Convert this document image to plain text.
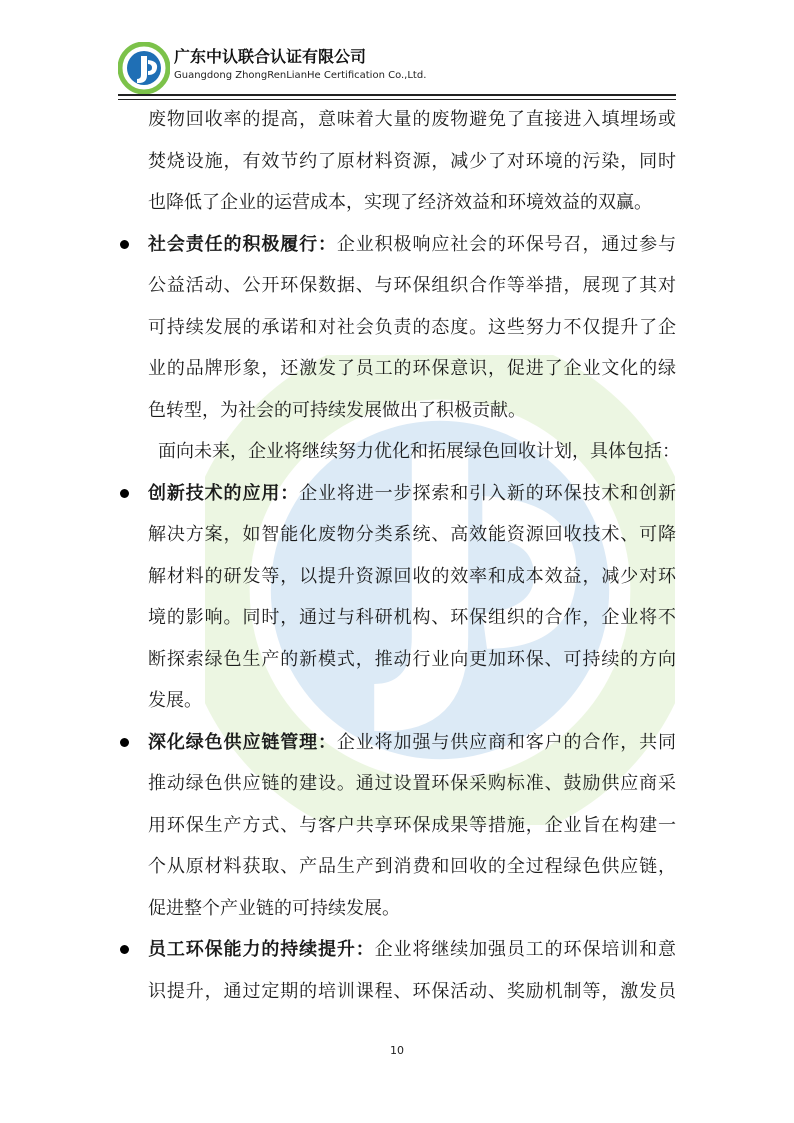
广东中认联合认证有限公司
Guangdong ZhongRenLianHe Certification Co.,Ltd.
废物回收率的提高，意味着大量的废物避免了直接进入填埋场或
焚烧设施，有效节约了原材料资源，减少了对环境的污染，同时
也降低了企业的运营成本，实现了经济效益和环境效益的双赢。
社会责任的积极履行：企业积极响应社会的环保号召，通过参与
公益活动、公开环保数据、与环保组织合作等举措，展现了其对
可持续发展的承诺和对社会负责的态度。这些努力不仅提升了企
业的品牌形象，还激发了员工的环保意识，促进了企业文化的绿
色转型，为社会的可持续发展做出了积极贡献。
面向未来，企业将继续努力优化和拓展绿色回收计划，具体包括：
创新技术的应用：企业将进一步探索和引入新的环保技术和创新
解决方案，如智能化废物分类系统、高效能资源回收技术、可降
解材料的研发等，以提升资源回收的效率和成本效益，减少对环
境的影响。同时，通过与科研机构、环保组织的合作，企业将不
断探索绿色生产的新模式，推动行业向更加环保、可持续的方向
发展。
深化绿色供应链管理：企业将加强与供应商和客户的合作，共同
推动绿色供应链的建设。通过设置环保采购标准、鼓励供应商采
用环保生产方式、与客户共享环保成果等措施，企业旨在构建一
个从原材料获取、产品生产到消费和回收的全过程绿色供应链，
促进整个产业链的可持续发展。
员工环保能力的持续提升：企业将继续加强员工的环保培训和意
识提升，通过定期的培训课程、环保活动、奖励机制等，激发员
10
